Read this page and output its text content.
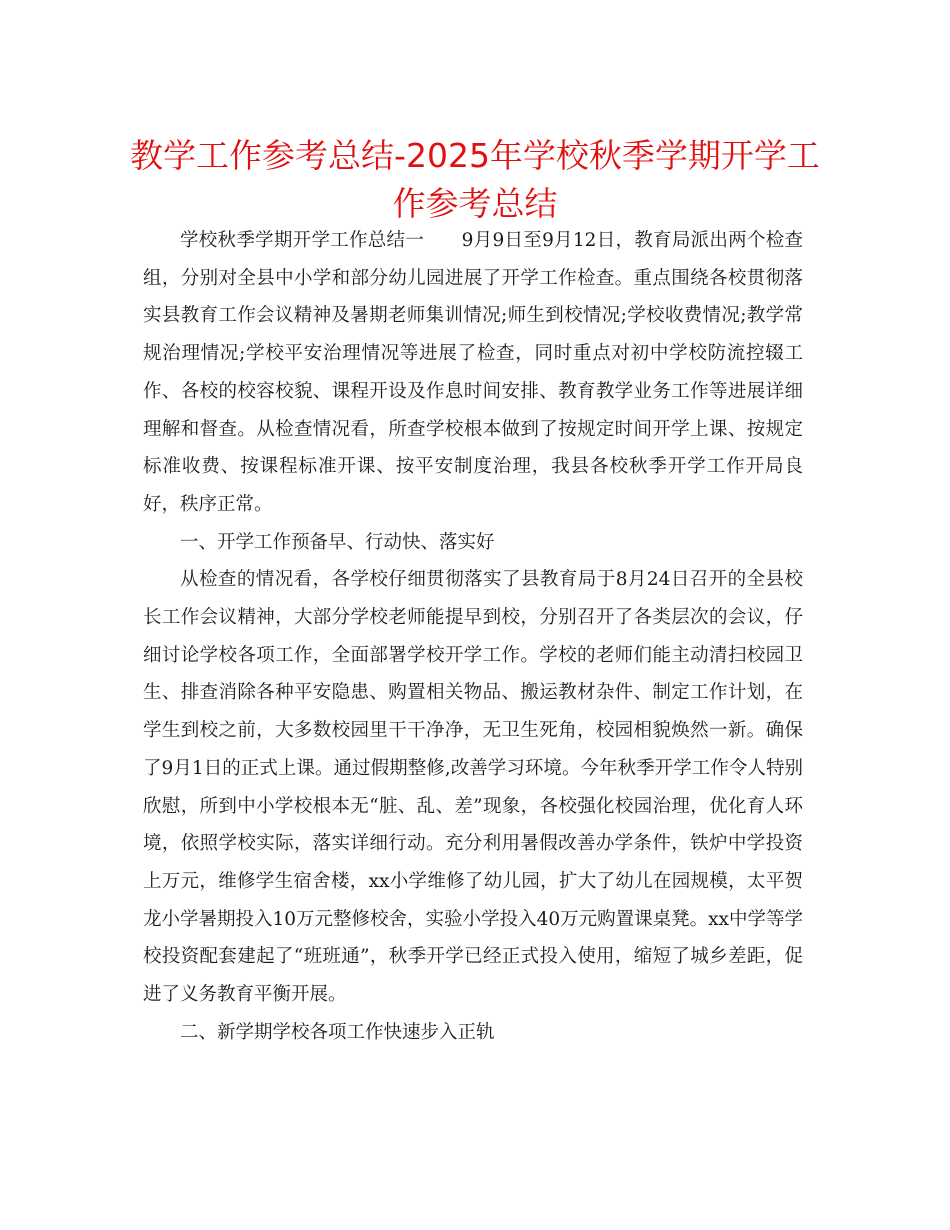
教学工作参考总结-2025年学校秋季学期开学工作参考总结

学校秋季学期开学工作总结一　　9月9日至9月12日，教育局派出两个检查组，分别对全县中小学和部分幼儿园进展了开学工作检查。重点围绕各校贯彻落实县教育工作会议精神及暑期老师集训情况;师生到校情况;学校收费情况;教学常规治理情况;学校平安治理情况等进展了检查，同时重点对初中学校防流控辍工作、各校的校容校貌、课程开设及作息时间安排、教育教学业务工作等进展详细理解和督查。从检查情况看，所查学校根本做到了按规定时间开学上课、按规定标准收费、按课程标准开课、按平安制度治理，我县各校秋季开学工作开局良好，秩序正常。

一、开学工作预备早、行动快、落实好

从检查的情况看，各学校仔细贯彻落实了县教育局于8月24日召开的全县校长工作会议精神，大部分学校老师能提早到校，分别召开了各类层次的会议，仔细讨论学校各项工作，全面部署学校开学工作。学校的老师们能主动清扫校园卫生、排查消除各种平安隐患、购置相关物品、搬运教材杂件、制定工作计划，在学生到校之前，大多数校园里干干净净，无卫生死角，校园相貌焕然一新。确保了9月1日的正式上课。通过假期整修,改善学习环境。今年秋季开学工作令人特别欣慰，所到中小学校根本无“脏、乱、差”现象，各校强化校园治理，优化育人环境，依照学校实际，落实详细行动。充分利用暑假改善办学条件，铁炉中学投资上万元，维修学生宿舍楼，xx小学维修了幼儿园，扩大了幼儿在园规模，太平贺龙小学暑期投入10万元整修校舍，实验小学投入40万元购置课桌凳。xx中学等学校投资配套建起了“班班通”，秋季开学已经正式投入使用，缩短了城乡差距，促进了义务教育平衡开展。

二、新学期学校各项工作快速步入正轨
